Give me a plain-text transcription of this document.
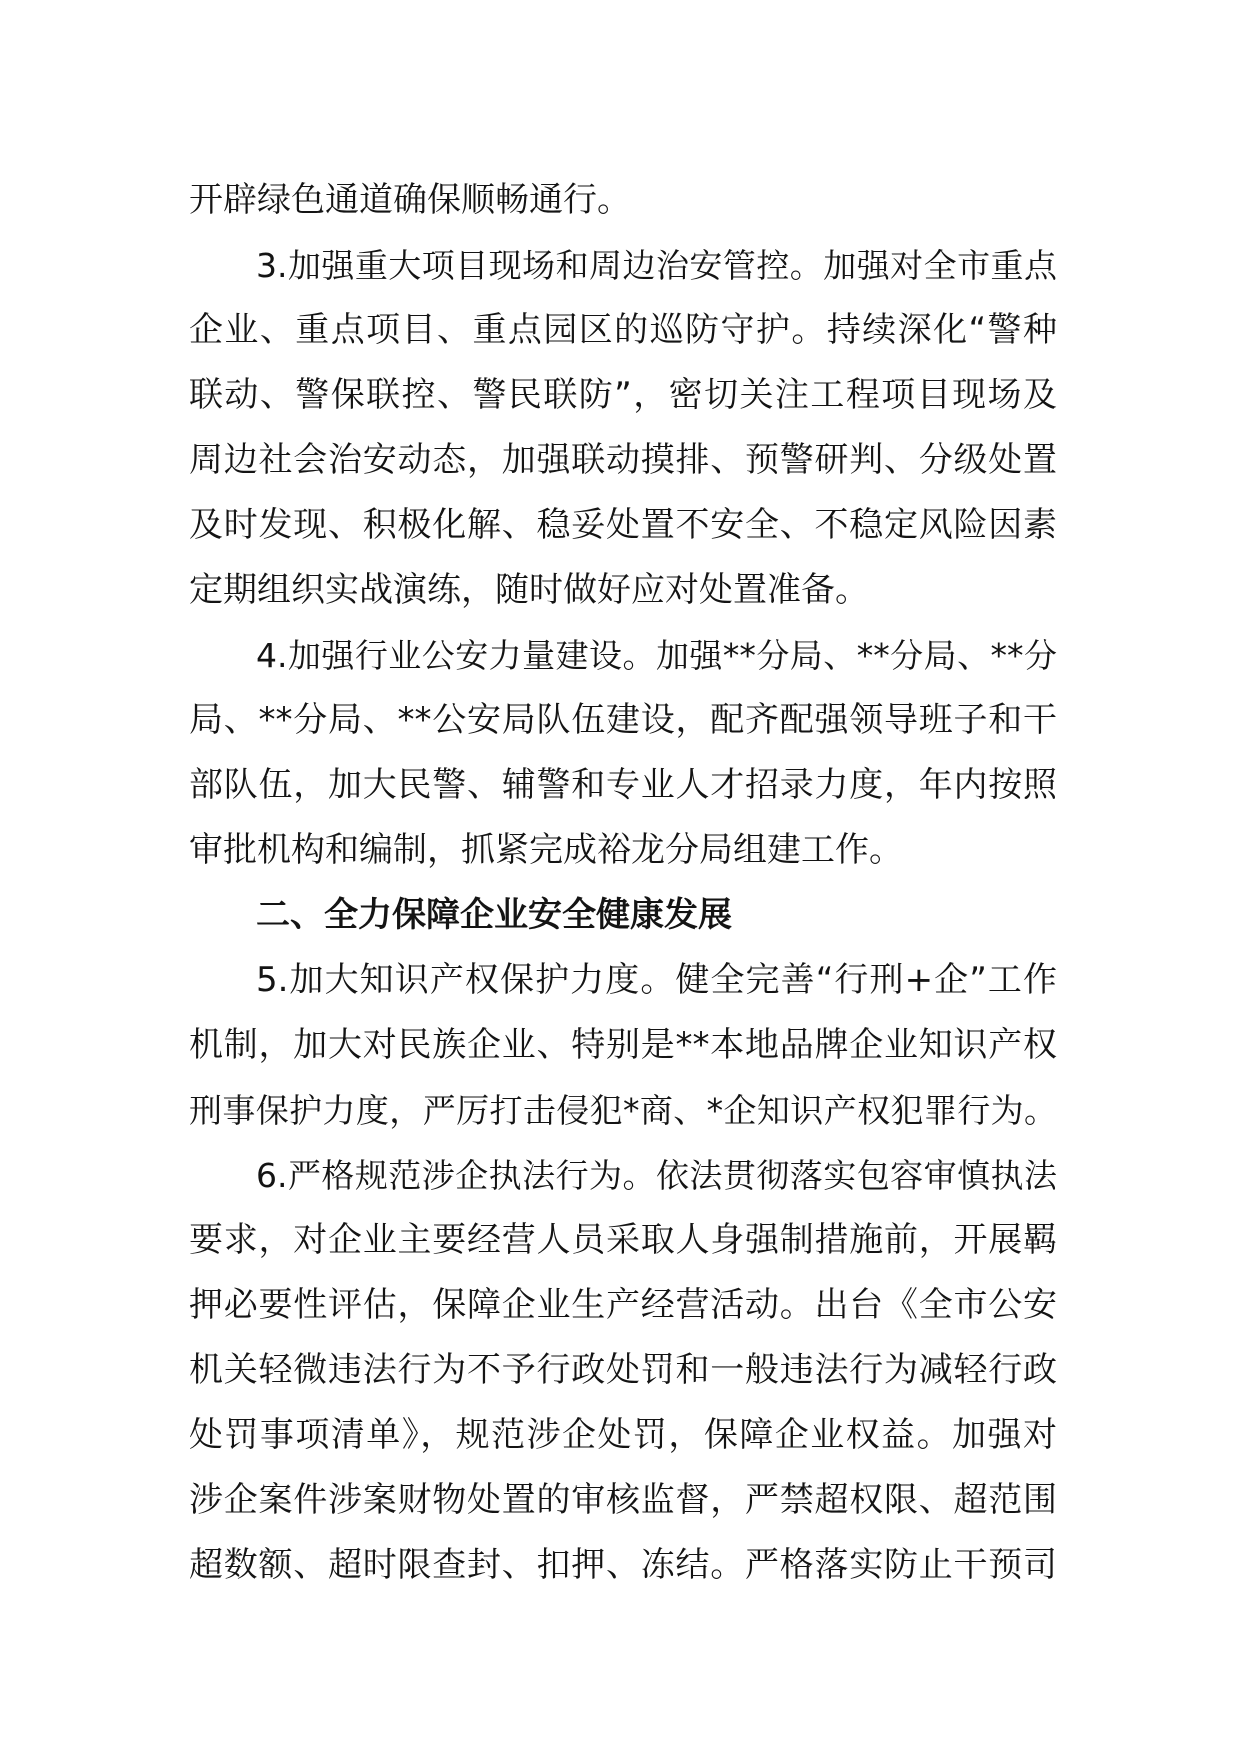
开辟绿色通道确保顺畅通行。
3.加强重大项目现场和周边治安管控。加强对全市重点
企业、重点项目、重点园区的巡防守护。持续深化“警种
联动、警保联控、警民联防”，密切关注工程项目现场及
周边社会治安动态，加强联动摸排、预警研判、分级处置
及时发现、积极化解、稳妥处置不安全、不稳定风险因素
定期组织实战演练，随时做好应对处置准备。
4.加强行业公安力量建设。加强**分局、**分局、**分
局、**分局、**公安局队伍建设，配齐配强领导班子和干
部队伍，加大民警、辅警和专业人才招录力度，年内按照
审批机构和编制，抓紧完成裕龙分局组建工作。
二、全力保障企业安全健康发展
5.加大知识产权保护力度。健全完善“行刑+企”工作
机制，加大对民族企业、特别是**本地品牌企业知识产权
刑事保护力度，严厉打击侵犯*商、*企知识产权犯罪行为。
6.严格规范涉企执法行为。依法贯彻落实包容审慎执法
要求，对企业主要经营人员采取人身强制措施前，开展羁
押必要性评估，保障企业生产经营活动。出台《全市公安
机关轻微违法行为不予行政处罚和一般违法行为减轻行政
处罚事项清单》，规范涉企处罚，保障企业权益。加强对
涉企案件涉案财物处置的审核监督，严禁超权限、超范围
超数额、超时限查封、扣押、冻结。严格落实防止干预司
